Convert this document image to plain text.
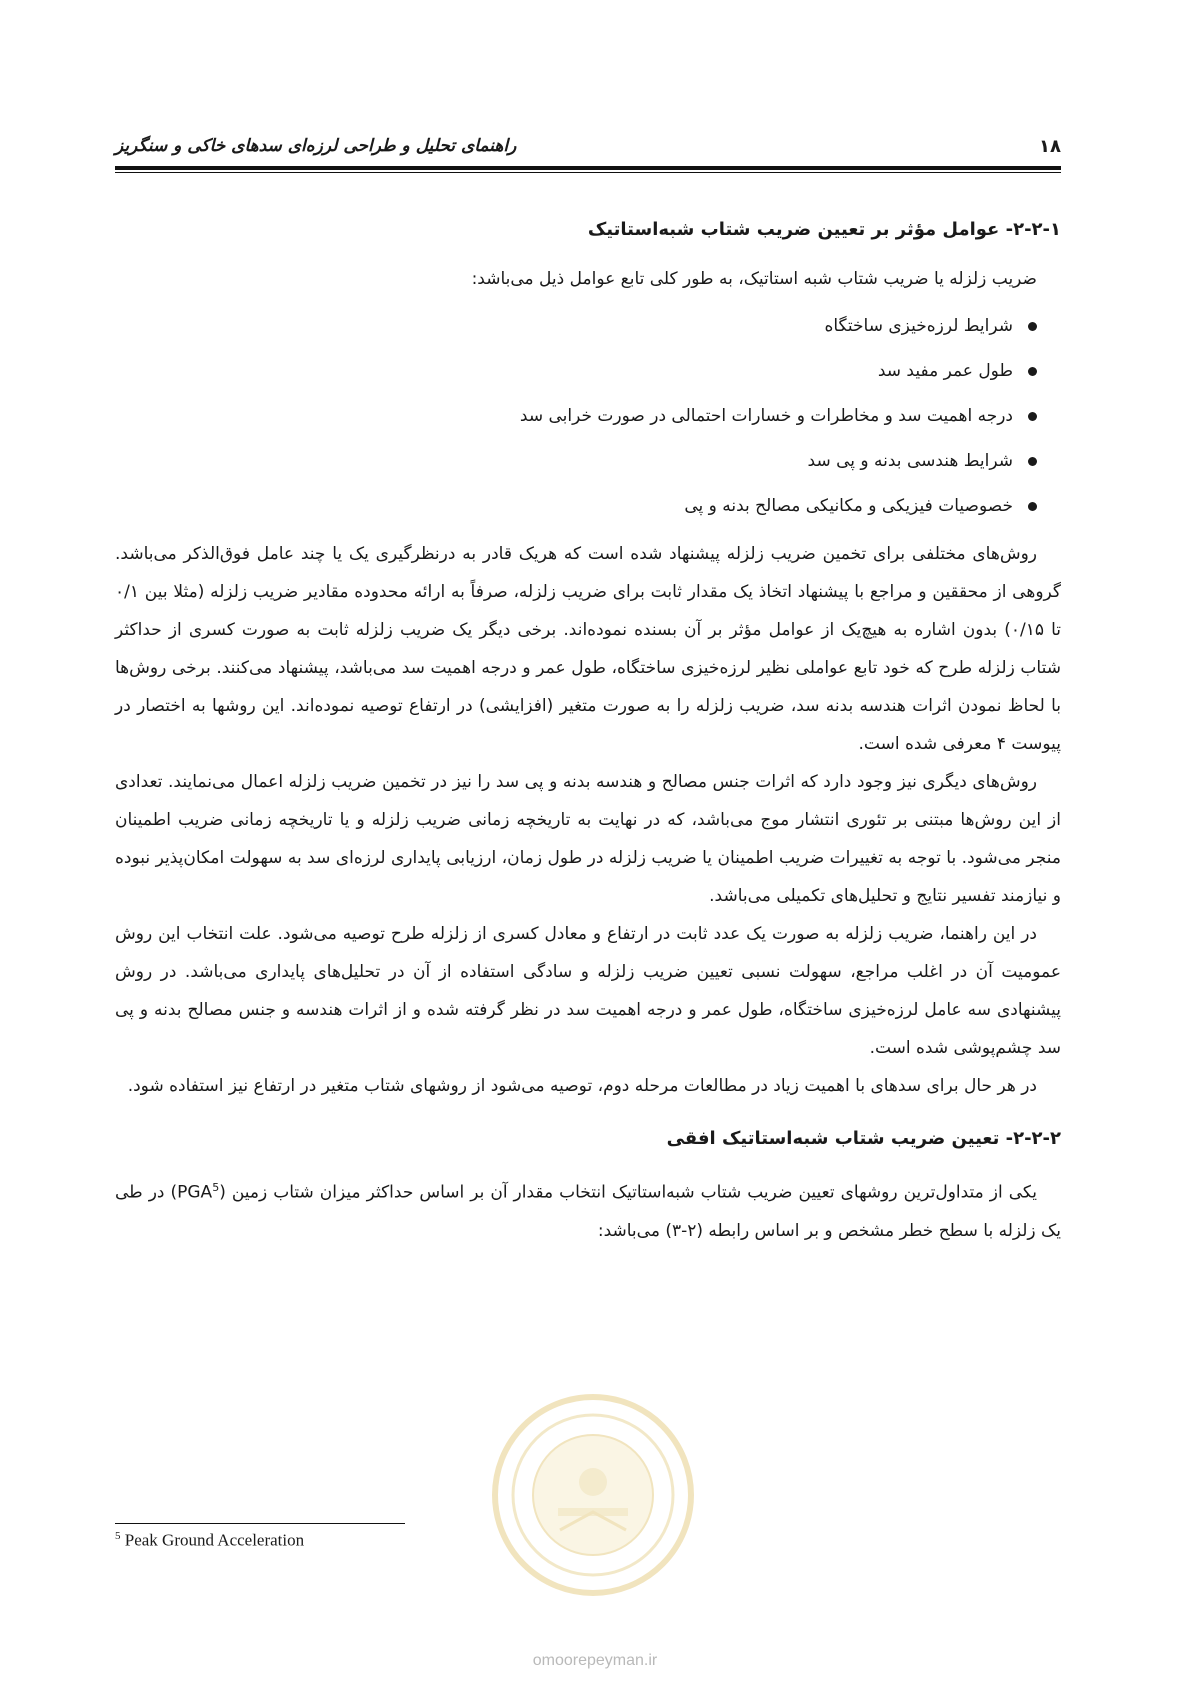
۱۸
راهنمای تحلیل و طراحی لرزه‌ای سدهای خاکی و سنگریز
۲-۲-۱- عوامل مؤثر بر تعیین ضریب شتاب شبه‌استاتیک

ضریب زلزله یا ضریب شتاب شبه استاتیک، به طور کلی تابع عوامل ذیل می‌باشد:

شرایط لرزه‌خیزی ساختگاه
طول عمر مفید سد
درجه اهمیت سد و مخاطرات و خسارات احتمالی در صورت خرابی سد
شرایط هندسی بدنه و پی سد
خصوصیات فیزیکی و مکانیکی مصالح بدنه و پی

روش‌های مختلفی برای تخمین ضریب زلزله پیشنهاد شده است که هریک قادر به درنظرگیری یک یا چند عامل فوق‌الذکر می‌باشد. گروهی از محققین و مراجع با پیشنهاد اتخاذ یک مقدار ثابت برای ضریب زلزله، صرفاً به ارائه محدوده مقادیر ضریب زلزله (مثلا بین ۰/۱ تا ۰/۱۵) بدون اشاره به هیچ‌یک از عوامل مؤثر بر آن بسنده نموده‌اند. برخی دیگر یک ضریب زلزله ثابت به صورت کسری از حداکثر شتاب زلزله طرح که خود تابع عواملی نظیر لرزه‌خیزی ساختگاه، طول عمر و درجه اهمیت سد می‌باشد، پیشنهاد می‌کنند. برخی روش‌ها با لحاظ نمودن اثرات هندسه بدنه سد، ضریب زلزله را به صورت متغیر (افزایشی) در ارتفاع توصیه نموده‌اند. این روشها به اختصار در پیوست ۴ معرفی شده است.

روش‌های دیگری نیز وجود دارد که اثرات جنس مصالح و هندسه بدنه و پی سد را نیز در تخمین ضریب زلزله اعمال می‌نمایند. تعدادی از این روش‌ها مبتنی بر تئوری انتشار موج می‌باشد، که در نهایت به تاریخچه زمانی ضریب زلزله و یا تاریخچه زمانی ضریب اطمینان منجر می‌شود. با توجه به تغییرات ضریب اطمینان یا ضریب زلزله در طول زمان، ارزیابی پایداری لرزه‌ای سد به سهولت امکان‌پذیر نبوده و نیازمند تفسیر نتایج و تحلیل‌های تکمیلی می‌باشد.

در این راهنما، ضریب زلزله به صورت یک عدد ثابت در ارتفاع و معادل کسری از زلزله طرح توصیه می‌شود. علت انتخاب این روش عمومیت آن در اغلب مراجع، سهولت نسبی تعیین ضریب زلزله و سادگی استفاده از آن در تحلیل‌های پایداری می‌باشد. در روش پیشنهادی سه عامل لرزه‌خیزی ساختگاه، طول عمر و درجه اهمیت سد در نظر گرفته شده و از اثرات هندسه و جنس مصالح بدنه و پی سد چشم‌پوشی شده است.

در هر حال برای سدهای با اهمیت زیاد در مطالعات مرحله دوم، توصیه می‌شود از روشهای شتاب متغیر در ارتفاع نیز استفاده شود.

۲-۲-۲- تعیین ضریب شتاب شبه‌استاتیک افقی

یکی از متداول‌ترین روشهای تعیین ضریب شتاب شبه‌استاتیک انتخاب مقدار آن بر اساس حداکثر میزان شتاب زمین (PGA$^5$) در طی یک زلزله با سطح خطر مشخص و بر اساس رابطه (۲-۳) می‌باشد:

omoorepeyman.ir
$^5$ Peak Ground Acceleration
